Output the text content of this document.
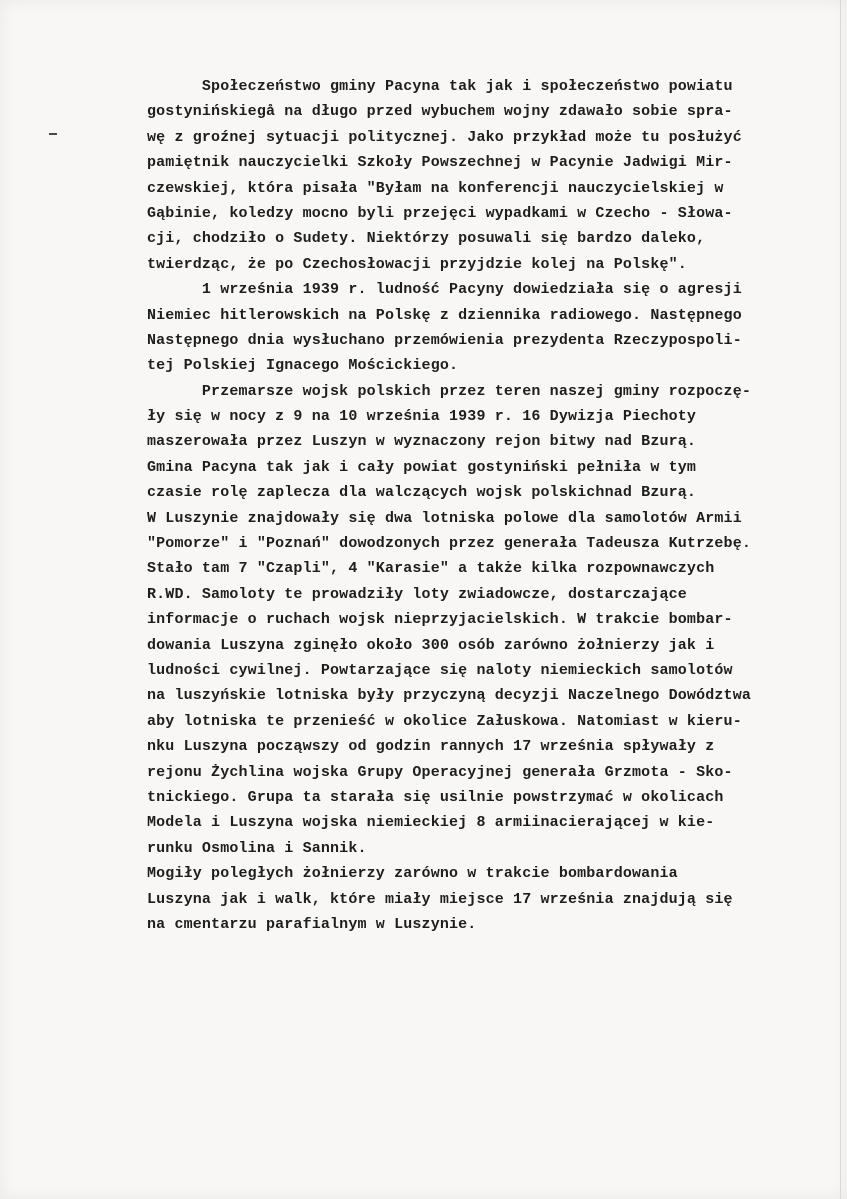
Społeczeństwo gminy Pacyna tak jak i społeczeństwo powiatu
gostynińskiegå na długo przed wybuchem wojny zdawało sobie spra-
wę z groźnej sytuacji politycznej. Jako przykład może tu posłużyć
pamiętnik nauczycielki Szkoły Powszechnej w Pacynie Jadwigi Mir-
czewskiej, która pisała "Byłam na konferencji nauczycielskiej w
Gąbinie, koledzy mocno byli przejęci wypadkami w Czecho - Słowa-
cji, chodziło o Sudety. Niektórzy posuwali się bardzo daleko,
twierdząc, że po Czechosłowacji przyjdzie kolej na Polskę".
1 września 1939 r. ludność Pacyny dowiedziała się o agresji
Niemiec hitlerowskich na Polskę z dziennika radiowego. Następnego
Następnego dnia wysłuchano przemówienia prezydenta Rzeczypospoli-
tej Polskiej Ignacego Mościckiego.
Przemarsze wojsk polskich przez teren naszej gminy rozpoczę-
ły się w nocy z 9 na 10 września 1939 r. 16 Dywizja Piechoty
maszerowała przez Luszyn w wyznaczony rejon bitwy nad Bzurą.
Gmina Pacyna tak jak i cały powiat gostyniński pełniła w tym
czasie rolę zaplecza dla walczących wojsk polskichnad Bzurą.
W Luszynie znajdowały się dwa lotniska polowe dla samolotów Armii
"Pomorze" i "Poznań" dowodzonych przez generała Tadeusza Kutrzebę.
Stało tam 7 "Czapli", 4 "Karasie" a także kilka rozpownawczych
R.WD. Samoloty te prowadziły loty zwiadowcze, dostarczające
informacje o ruchach wojsk nieprzyjacielskich. W trakcie bombar-
dowania Luszyna zginęło około 300 osób zarówno żołnierzy jak i
ludności cywilnej. Powtarzające się naloty niemieckich samolotów
na luszyńskie lotniska były przyczyną decyzji Naczelnego Dowództwa
aby lotniska te przenieść w okolice Załuskowa. Natomiast w kieru-
nku Luszyna począwszy od godzin rannych 17 września spływały z
rejonu Żychlina wojska Grupy Operacyjnej generała Grzmota - Sko-
tnickiego. Grupa ta starała się usilnie powstrzymać w okolicach
Modela i Luszyna wojska niemieckiej 8 armiinacierającej w kie-
runku Osmolina i Sannik.
Mogiły poległych żołnierzy zarówno w trakcie bombardowania
Luszyna jak i walk, które miały miejsce 17 września znajdują się
na cmentarzu parafialnym w Luszynie.
